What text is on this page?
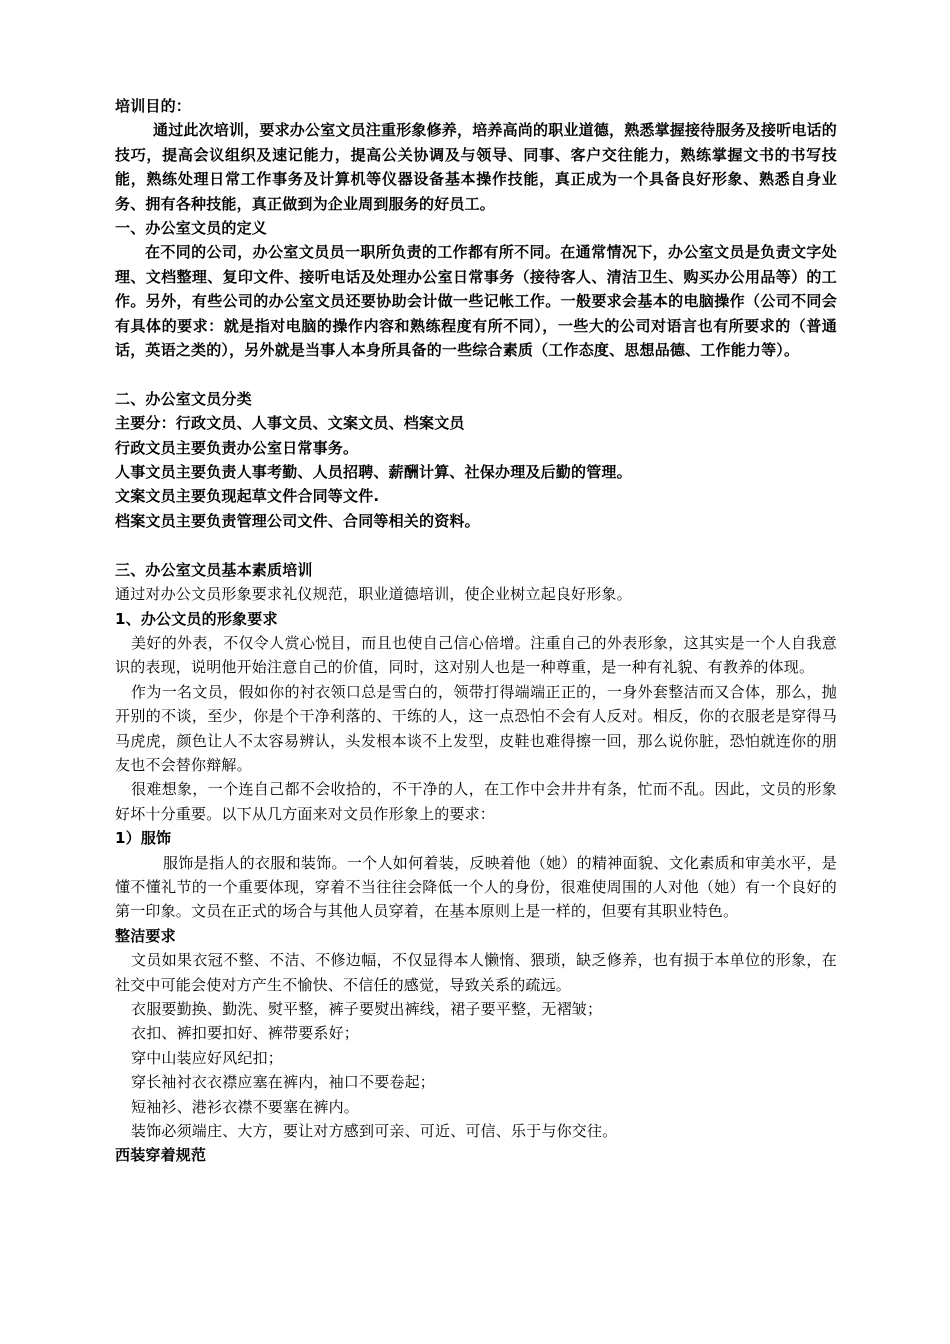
培训目的：

通过此次培训，要求办公室文员注重形象修养，培养高尚的职业道德，熟悉掌握接待服务及接听电话的技巧，提高会议组织及速记能力，提高公关协调及与领导、同事、客户交往能力，熟练掌握文书的书写技能，熟练处理日常工作事务及计算机等仪器设备基本操作技能，真正成为一个具备良好形象、熟悉自身业务、拥有各种技能，真正做到为企业周到服务的好员工。

一、办公室文员的定义

在不同的公司，办公室文员员一职所负责的工作都有所不同。在通常情况下，办公室文员是负责文字处理、文档整理、复印文件、接听电话及处理办公室日常事务（接待客人、清洁卫生、购买办公用品等）的工作。另外，有些公司的办公室文员还要协助会计做一些记帐工作。一般要求会基本的电脑操作（公司不同会有具体的要求：就是指对电脑的操作内容和熟练程度有所不同），一些大的公司对语言也有所要求的（普通话，英语之类的），另外就是当事人本身所具备的一些综合素质（工作态度、思想品德、工作能力等）。

二、办公室文员分类

主要分：行政文员、人事文员、文案文员、档案文员

行政文员主要负责办公室日常事务。

人事文员主要负责人事考勤、人员招聘、薪酬计算、社保办理及后勤的管理。

文案文员主要负现起草文件合同等文件.

档案文员主要负责管理公司文件、合同等相关的资料。

三、办公室文员基本素质培训

通过对办公文员形象要求礼仪规范，职业道德培训，使企业树立起良好形象。

1、办公文员的形象要求

美好的外表，不仅令人赏心悦目，而且也使自己信心倍增。注重自己的外表形象，这其实是一个人自我意识的表现，说明他开始注意自己的价值，同时，这对别人也是一种尊重，是一种有礼貌、有教养的体现。

作为一名文员，假如你的衬衣领口总是雪白的，领带打得端端正正的，一身外套整洁而又合体，那么，抛开别的不谈，至少，你是个干净利落的、干练的人，这一点恐怕不会有人反对。相反，你的衣服老是穿得马马虎虎，颜色让人不太容易辨认，头发根本谈不上发型，皮鞋也难得擦一回，那么说你脏，恐怕就连你的朋友也不会替你辩解。

很难想象，一个连自己都不会收拾的，不干净的人，在工作中会井井有条，忙而不乱。因此，文员的形象好坏十分重要。以下从几方面来对文员作形象上的要求：

1）服饰

服饰是指人的衣服和装饰。一个人如何着装，反映着他（她）的精神面貌、文化素质和审美水平，是懂不懂礼节的一个重要体现，穿着不当往往会降低一个人的身份，很难使周围的人对他（她）有一个良好的第一印象。文员在正式的场合与其他人员穿着，在基本原则上是一样的，但要有其职业特色。

整洁要求

文员如果衣冠不整、不洁、不修边幅，不仅显得本人懒惰、猥琐，缺乏修养，也有损于本单位的形象，在社交中可能会使对方产生不愉快、不信任的感觉，导致关系的疏远。

衣服要勤换、勤洗、熨平整，裤子要熨出裤线，裙子要平整，无褶皱；

衣扣、裤扣要扣好、裤带要系好；

穿中山装应好风纪扣；

穿长袖衬衣衣襟应塞在裤内，袖口不要卷起；

短袖衫、港衫衣襟不要塞在裤内。

装饰必须端庄、大方，要让对方感到可亲、可近、可信、乐于与你交往。

西装穿着规范
